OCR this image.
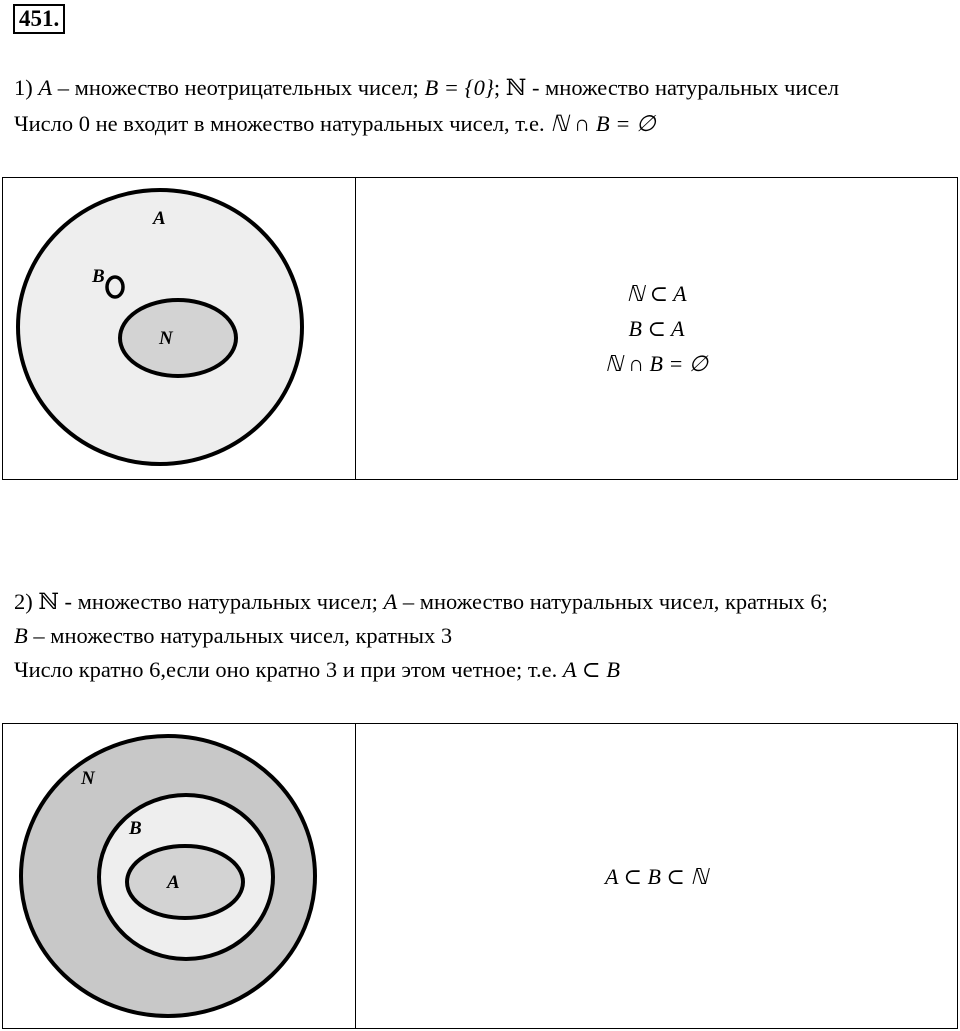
451.
1) A – множество неотрицательных чисел; B = {0}; ℕ - множество натуральных чисел
Число 0 не входит в множество натуральных чисел, т.е. ℕ ∩ B = ∅
A
B
N
ℕ ⊂ A
B ⊂ A
ℕ ∩ B = ∅
2) ℕ - множество натуральных чисел; A – множество натуральных чисел, кратных 6;
B – множество натуральных чисел, кратных 3
Число кратно 6,если оно кратно 3 и при этом четное; т.е. A ⊂ B
N
B
A	A ⊂ B ⊂ ℕ
